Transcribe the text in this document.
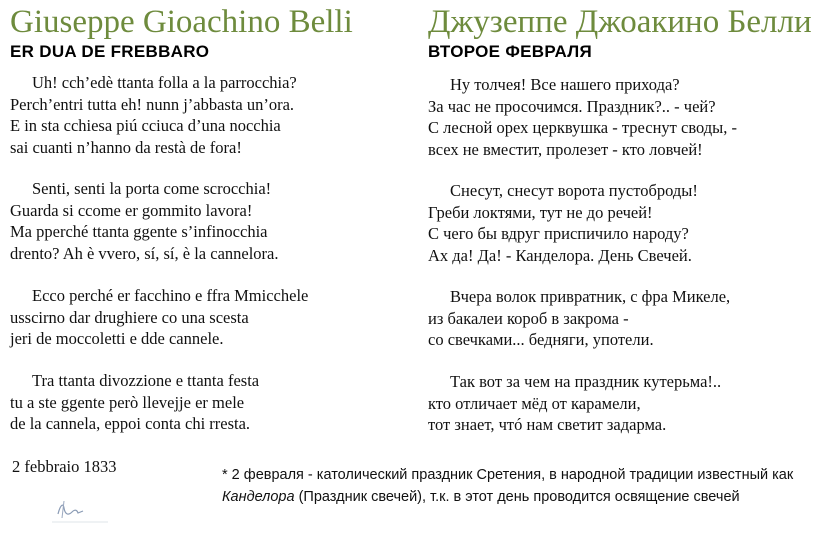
Giuseppe Gioachino Belli
ER DUA DE FREBBARO
Uh! cch’edè ttanta folla a la parrocchia?
Perch’entri tutta eh! nunn j’abbasta un’ora.
E in sta cchiesa piú cciuca d’una nocchia
sai cuanti n’hanno da restà de fora!
Senti, senti la porta come scrocchia!
Guarda si ccome er gommito lavora!
Ma pperché ttanta ggente s’infinocchia
drento? Ah è vvero, sí, sí, è la cannelora.
Ecco perché er facchino e ffra Mmicchele
usscirno dar drughiere co una scesta
jeri de moccoletti e dde cannele.
Tra ttanta divozzione e ttanta festa
tu a ste ggente però llevejje er mele
de la cannela, eppoi conta chi rresta.
2 febbraio 1833
Джузеппе Джоакино Белли
ВТОРОЕ ФЕВРАЛЯ
Ну толчея! Все нашего прихода?
За час не просочимся. Праздник?.. - чей?
С лесной орех церквушка - треснут своды, -
всех не вместит, пролезет - кто ловчей!
Снесут, снесут ворота пустоброды!
Греби локтями, тут не до речей!
С чего бы вдруг приспичило народу?
Ах да! Да! - Канделора. День Свечей.
Вчера волок привратник, с фра Микеле,
из бакалеи короб в закрома -
со свечками... бедняги, употели.
Так вот за чем на праздник кутерьма!..
кто отличает мёд от карамели,
тот знает, чтó нам светит задарма.
* 2 февраля - католический праздник Сретения, в народной традиции известный как Канделора (Праздник свечей), т.к. в этот день проводится освящение свечей
